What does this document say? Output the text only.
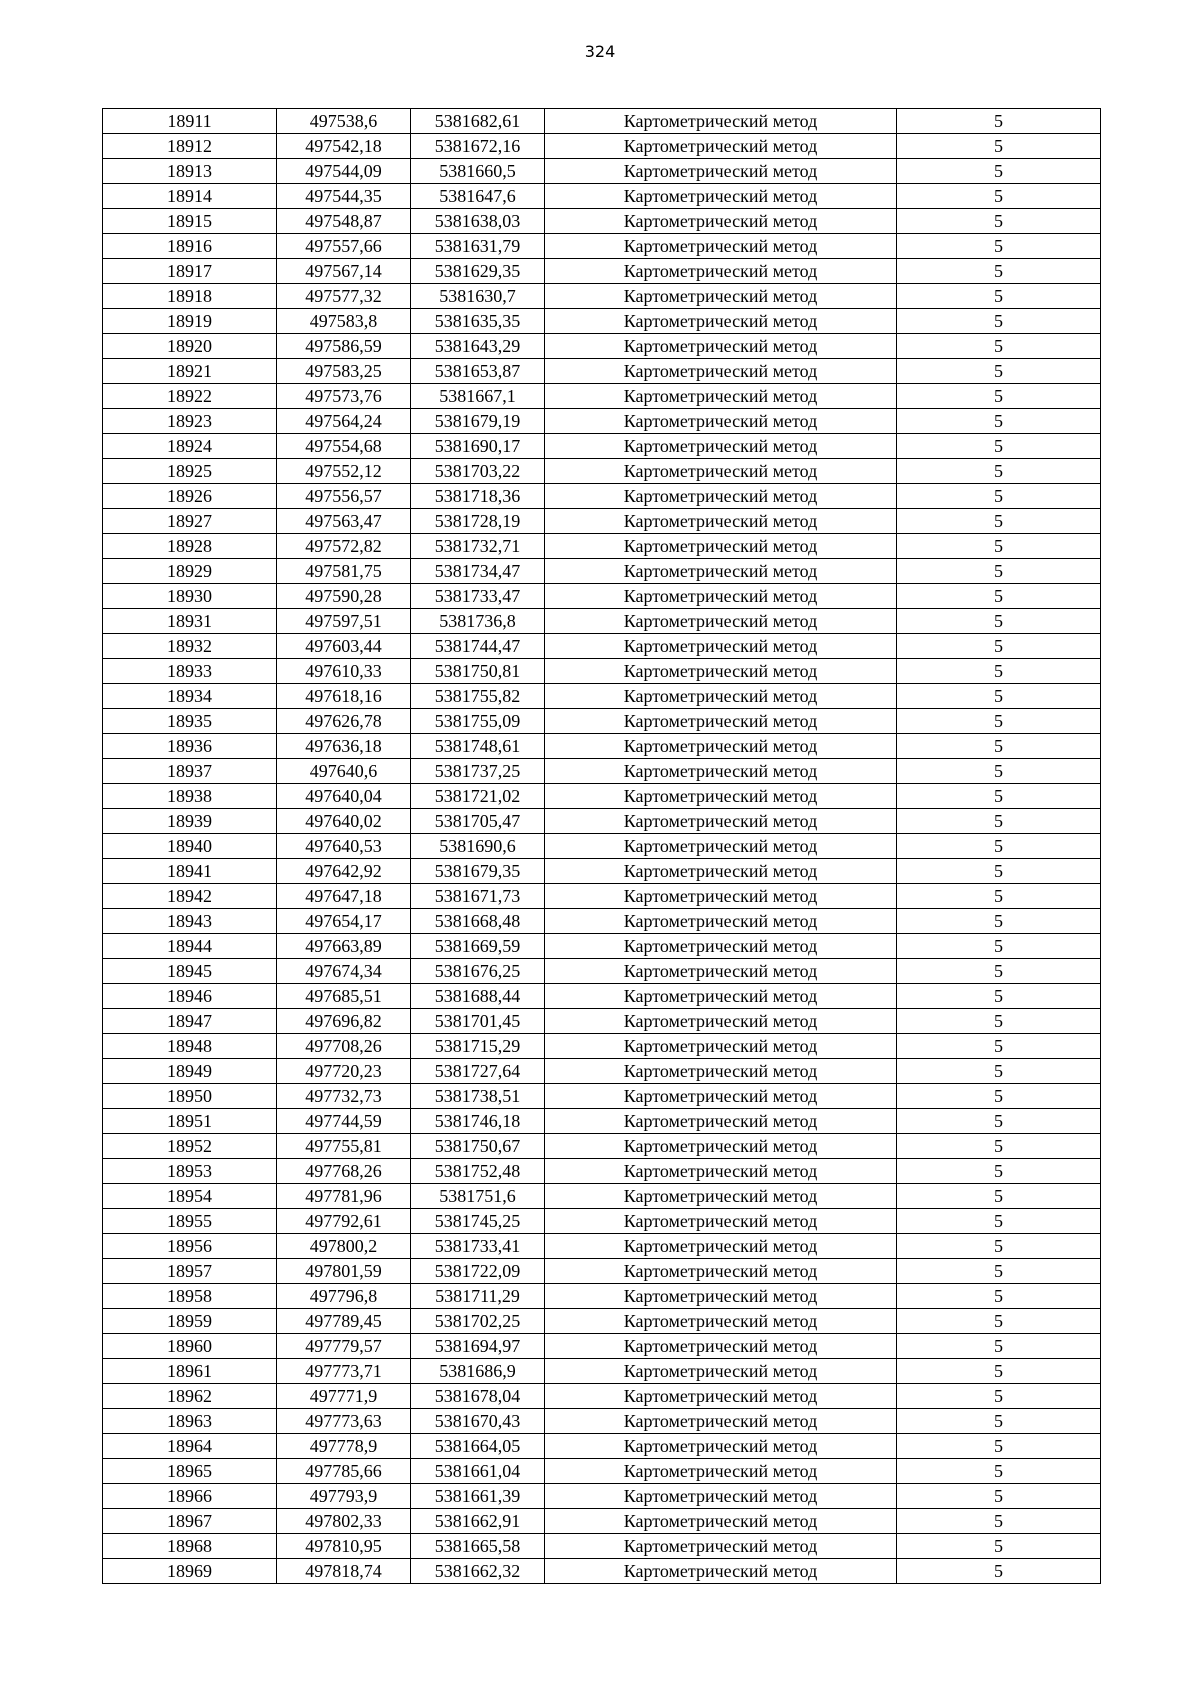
324
18911	497538,6	5381682,61	Картометрический метод	5
18912	497542,18	5381672,16	Картометрический метод	5
18913	497544,09	5381660,5	Картометрический метод	5
18914	497544,35	5381647,6	Картометрический метод	5
18915	497548,87	5381638,03	Картометрический метод	5
18916	497557,66	5381631,79	Картометрический метод	5
18917	497567,14	5381629,35	Картометрический метод	5
18918	497577,32	5381630,7	Картометрический метод	5
18919	497583,8	5381635,35	Картометрический метод	5
18920	497586,59	5381643,29	Картометрический метод	5
18921	497583,25	5381653,87	Картометрический метод	5
18922	497573,76	5381667,1	Картометрический метод	5
18923	497564,24	5381679,19	Картометрический метод	5
18924	497554,68	5381690,17	Картометрический метод	5
18925	497552,12	5381703,22	Картометрический метод	5
18926	497556,57	5381718,36	Картометрический метод	5
18927	497563,47	5381728,19	Картометрический метод	5
18928	497572,82	5381732,71	Картометрический метод	5
18929	497581,75	5381734,47	Картометрический метод	5
18930	497590,28	5381733,47	Картометрический метод	5
18931	497597,51	5381736,8	Картометрический метод	5
18932	497603,44	5381744,47	Картометрический метод	5
18933	497610,33	5381750,81	Картометрический метод	5
18934	497618,16	5381755,82	Картометрический метод	5
18935	497626,78	5381755,09	Картометрический метод	5
18936	497636,18	5381748,61	Картометрический метод	5
18937	497640,6	5381737,25	Картометрический метод	5
18938	497640,04	5381721,02	Картометрический метод	5
18939	497640,02	5381705,47	Картометрический метод	5
18940	497640,53	5381690,6	Картометрический метод	5
18941	497642,92	5381679,35	Картометрический метод	5
18942	497647,18	5381671,73	Картометрический метод	5
18943	497654,17	5381668,48	Картометрический метод	5
18944	497663,89	5381669,59	Картометрический метод	5
18945	497674,34	5381676,25	Картометрический метод	5
18946	497685,51	5381688,44	Картометрический метод	5
18947	497696,82	5381701,45	Картометрический метод	5
18948	497708,26	5381715,29	Картометрический метод	5
18949	497720,23	5381727,64	Картометрический метод	5
18950	497732,73	5381738,51	Картометрический метод	5
18951	497744,59	5381746,18	Картометрический метод	5
18952	497755,81	5381750,67	Картометрический метод	5
18953	497768,26	5381752,48	Картометрический метод	5
18954	497781,96	5381751,6	Картометрический метод	5
18955	497792,61	5381745,25	Картометрический метод	5
18956	497800,2	5381733,41	Картометрический метод	5
18957	497801,59	5381722,09	Картометрический метод	5
18958	497796,8	5381711,29	Картометрический метод	5
18959	497789,45	5381702,25	Картометрический метод	5
18960	497779,57	5381694,97	Картометрический метод	5
18961	497773,71	5381686,9	Картометрический метод	5
18962	497771,9	5381678,04	Картометрический метод	5
18963	497773,63	5381670,43	Картометрический метод	5
18964	497778,9	5381664,05	Картометрический метод	5
18965	497785,66	5381661,04	Картометрический метод	5
18966	497793,9	5381661,39	Картометрический метод	5
18967	497802,33	5381662,91	Картометрический метод	5
18968	497810,95	5381665,58	Картометрический метод	5
18969	497818,74	5381662,32	Картометрический метод	5
